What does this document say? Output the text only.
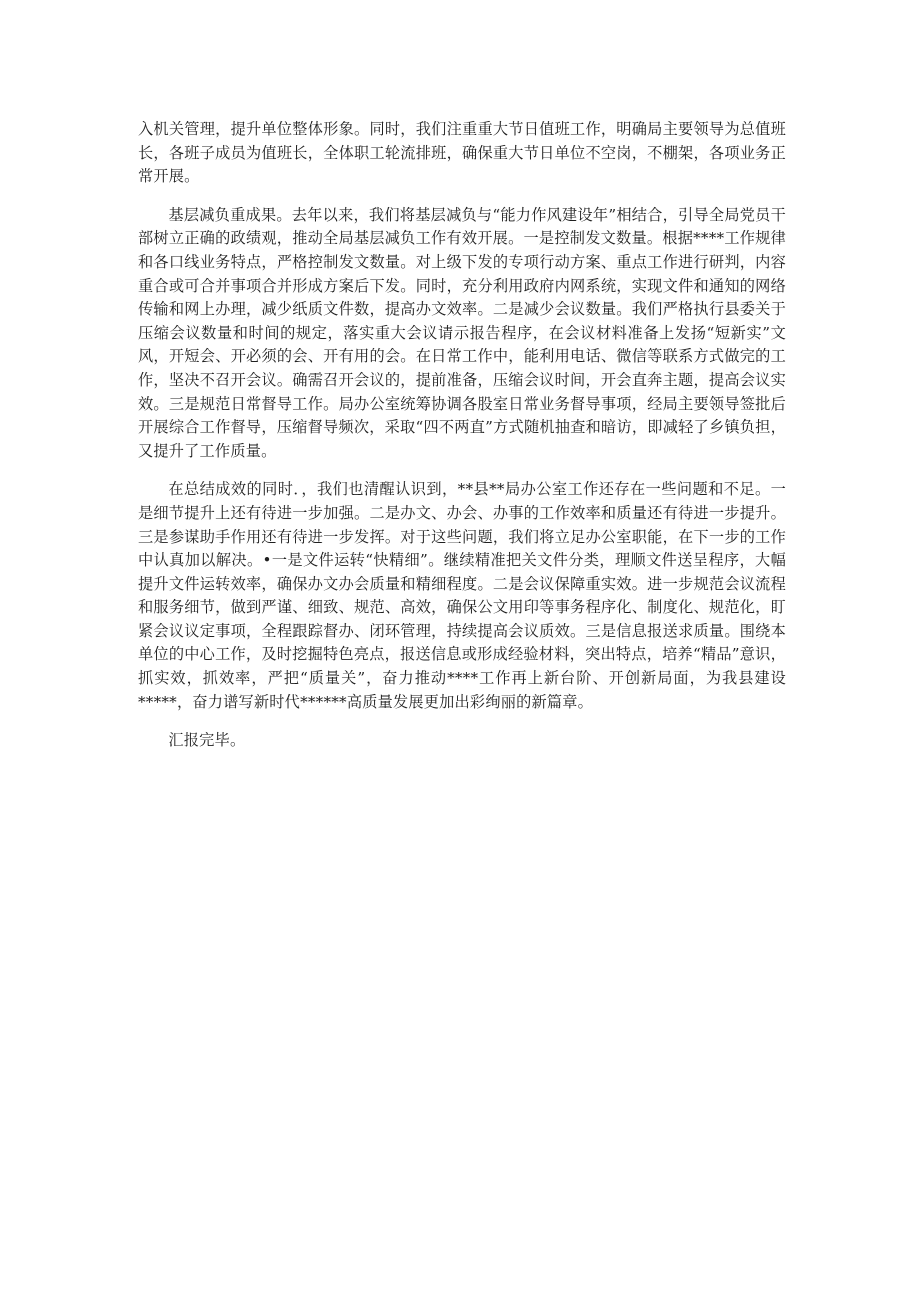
入机关管理，提升单位整体形象。同时，我们注重重大节日值班工作，明确局主要领导为总值班长，各班子成员为值班长，全体职工轮流排班，确保重大节日单位不空岗，不棚架，各项业务正常开展。

基层减负重成果。去年以来，我们将基层减负与“能力作风建设年”相结合，引导全局党员干部树立正确的政绩观，推动全局基层减负工作有效开展。一是控制发文数量。根据****工作规律和各口线业务特点，严格控制发文数量。对上级下发的专项行动方案、重点工作进行研判，内容重合或可合并事项合并形成方案后下发。同时，充分利用政府内网系统，实现文件和通知的网络传输和网上办理，减少纸质文件数，提高办文效率。二是减少会议数量。我们严格执行县委关于压缩会议数量和时间的规定，落实重大会议请示报告程序，在会议材料准备上发扬“短新实”文风，开短会、开必须的会、开有用的会。在日常工作中，能利用电话、微信等联系方式做完的工作，坚决不召开会议。确需召开会议的，提前准备，压缩会议时间，开会直奔主题，提高会议实效。三是规范日常督导工作。局办公室统筹协调各股室日常业务督导事项，经局主要领导签批后开展综合工作督导，压缩督导频次，采取“四不两直”方式随机抽查和暗访，即减轻了乡镇负担，又提升了工作质量。

在总结成效的同时．，我们也清醒认识到，**县**局办公室工作还存在一些问题和不足。一是细节提升上还有待进一步加强。二是办文、办会、办事的工作效率和质量还有待进一步提升。三是参谋助手作用还有待进一步发挥。对于这些问题，我们将立足办公室职能，在下一步的工作中认真加以解决。•一是文件运转“快精细”。继续精准把关文件分类，理顺文件送呈程序，大幅提升文件运转效率，确保办文办会质量和精细程度。二是会议保障重实效。进一步规范会议流程和服务细节，做到严谨、细致、规范、高效，确保公文用印等事务程序化、制度化、规范化，盯紧会议议定事项，全程跟踪督办、闭环管理，持续提高会议质效。三是信息报送求质量。围绕本单位的中心工作，及时挖掘特色亮点，报送信息或形成经验材料，突出特点，培养“精品”意识，抓实效，抓效率，严把“质量关”，奋力推动****工作再上新台阶、开创新局面，为我县建设*****，奋力谱写新时代******高质量发展更加出彩绚丽的新篇章。

汇报完毕。
